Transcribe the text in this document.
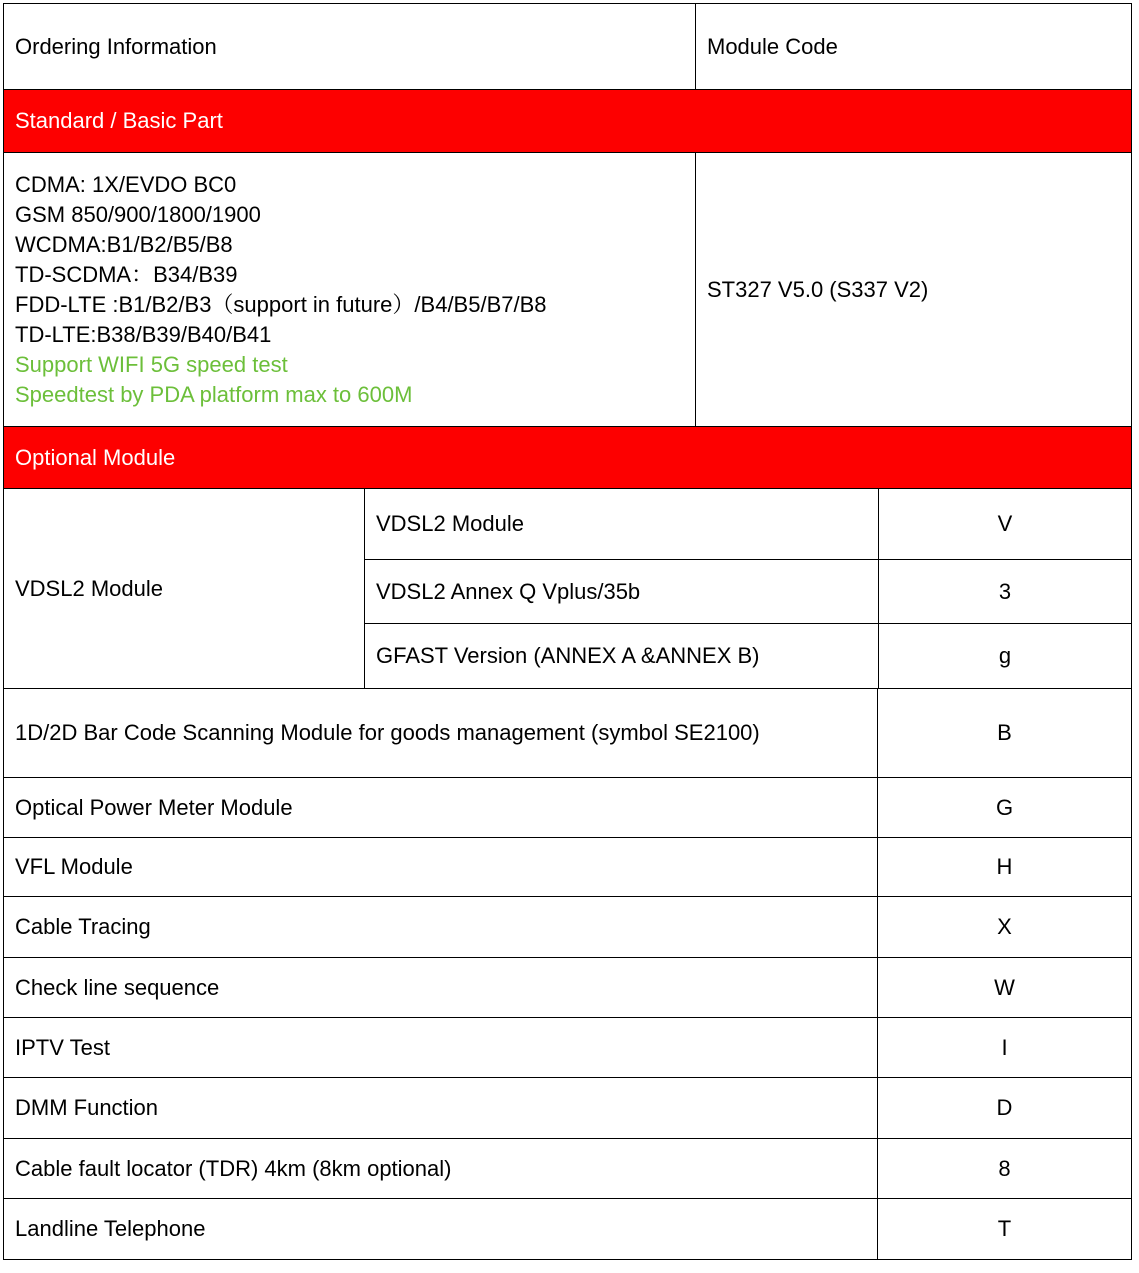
Ordering Information	Module Code
Standard / Basic Part
CDMA: 1X/EVDO BC0
GSM 850/900/1800/1900
WCDMA:B1/B2/B5/B8
TD-SCDMA：B34/B39
FDD-LTE :B1/B2/B3（support in future）/B4/B5/B7/B8
TD-LTE:B38/B39/B40/B41
Support WIFI 5G speed test
Speedtest by PDA platform max to 600M
ST327 V5.0 (S337 V2)
Optional Module
VDSL2 Module
VDSL2 Module	V
VDSL2 Annex Q Vplus/35b	3
GFAST Version (ANNEX A &ANNEX B)	g
1D/2D Bar Code Scanning Module for goods management (symbol SE2100)	B
Optical Power Meter Module	G
VFL Module	H
Cable Tracing	X
Check line sequence	W
IPTV Test	I
DMM Function	D
Cable fault locator (TDR) 4km (8km optional)	8
Landline Telephone	T
